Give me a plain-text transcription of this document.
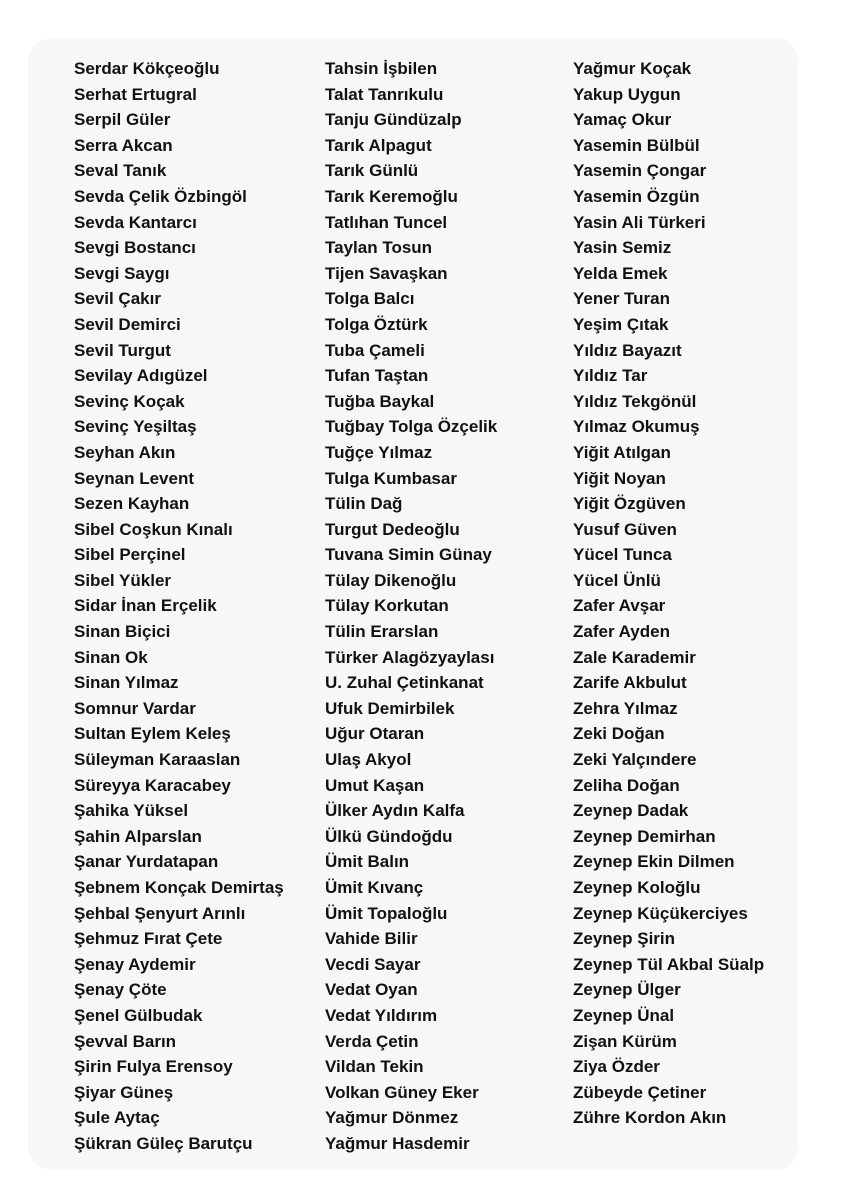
Serdar Kökçeoğlu
Serhat Ertugral
Serpil Güler
Serra Akcan
Seval Tanık
Sevda Çelik Özbingöl
Sevda Kantarcı
Sevgi Bostancı
Sevgi Saygı
Sevil Çakır
Sevil Demirci
Sevil Turgut
Sevilay Adıgüzel
Sevinç Koçak
Sevinç Yeşiltaş
Seyhan Akın
Seynan Levent
Sezen Kayhan
Sibel Coşkun Kınalı
Sibel Perçinel
Sibel Yükler
Sidar İnan Erçelik
Sinan Biçici
Sinan Ok
Sinan Yılmaz
Somnur Vardar
Sultan Eylem Keleş
Süleyman Karaaslan
Süreyya Karacabey
Şahika Yüksel
Şahin Alparslan
Şanar Yurdatapan
Şebnem Konçak Demirtaş
Şehbal Şenyurt Arınlı
Şehmuz Fırat Çete
Şenay Aydemir
Şenay Çöte
Şenel Gülbudak
Şevval Barın
Şirin Fulya Erensoy
Şiyar Güneş
Şule Aytaç
Şükran Güleç Barutçu
Tahsin İşbilen
Talat Tanrıkulu
Tanju Gündüzalp
Tarık Alpagut
Tarık Günlü
Tarık Keremoğlu
Tatlıhan Tuncel
Taylan Tosun
Tijen Savaşkan
Tolga Balcı
Tolga Öztürk
Tuba Çameli
Tufan Taştan
Tuğba Baykal
Tuğbay Tolga Özçelik
Tuğçe Yılmaz
Tulga Kumbasar
Tülin Dağ
Turgut Dedeoğlu
Tuvana Simin Günay
Tülay Dikenoğlu
Tülay Korkutan
Tülin Erarslan
Türker Alagözyaylası
U. Zuhal Çetinkanat
Ufuk Demirbilek
Uğur Otaran
Ulaş Akyol
Umut Kaşan
Ülker Aydın Kalfa
Ülkü Gündoğdu
Ümit Balın
Ümit Kıvanç
Ümit Topaloğlu
Vahide Bilir
Vecdi Sayar
Vedat Oyan
Vedat Yıldırım
Verda Çetin
Vildan Tekin
Volkan Güney Eker
Yağmur Dönmez
Yağmur Hasdemir
Yağmur Koçak
Yakup Uygun
Yamaç Okur
Yasemin Bülbül
Yasemin Çongar
Yasemin Özgün
Yasin Ali Türkeri
Yasin Semiz
Yelda Emek
Yener Turan
Yeşim Çıtak
Yıldız Bayazıt
Yıldız Tar
Yıldız Tekgönül
Yılmaz Okumuş
Yiğit Atılgan
Yiğit Noyan
Yiğit Özgüven
Yusuf Güven
Yücel Tunca
Yücel Ünlü
Zafer Avşar
Zafer Ayden
Zale Karademir
Zarife Akbulut
Zehra Yılmaz
Zeki Doğan
Zeki Yalçındere
Zeliha Doğan
Zeynep Dadak
Zeynep Demirhan
Zeynep Ekin Dilmen
Zeynep Koloğlu
Zeynep Küçükerciyes
Zeynep Şirin
Zeynep Tül Akbal Süalp
Zeynep Ülger
Zeynep Ünal
Zişan Kürüm
Ziya Özder
Zübeyde Çetiner
Zühre Kordon Akın
